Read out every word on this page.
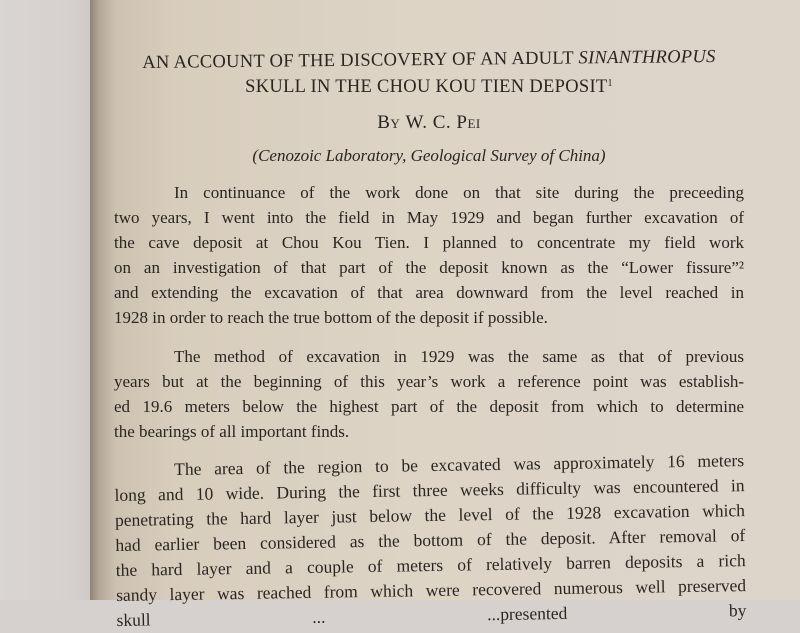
AN ACCOUNT OF THE DISCOVERY OF AN ADULT SINANTHROPUS
SKULL IN THE CHOU KOU TIEN DEPOSIT$^1$
By W. C. Pei
(Cenozoic Laboratory, Geological Survey of China)

In continuance of the work done on that site during the preceeding
two years, I went into the field in May 1929 and began further excavation of
the cave deposit at Chou Kou Tien. I planned to concentrate my field work
on an investigation of that part of the deposit known as the “Lower fissure”²
and extending the excavation of that area downward from the level reached in
1928 in order to reach the true bottom of the deposit if possible.

The method of excavation in 1929 was the same as that of previous
years but at the beginning of this year’s work a reference point was establish-
ed 19.6 meters below the highest part of the deposit from which to determine
the bearings of all important finds.

The area of the region to be excavated was approximately 16 meters
long and 10 wide. During the first three weeks difficulty was encountered in
penetrating the hard layer just below the level of the 1928 excavation which
had earlier been considered as the bottom of the deposit. After removal of
the hard layer and a couple of meters of relatively barren deposits a rich
sandy layer was reached from which were recovered numerous well preserved
skull ... ...presented by
